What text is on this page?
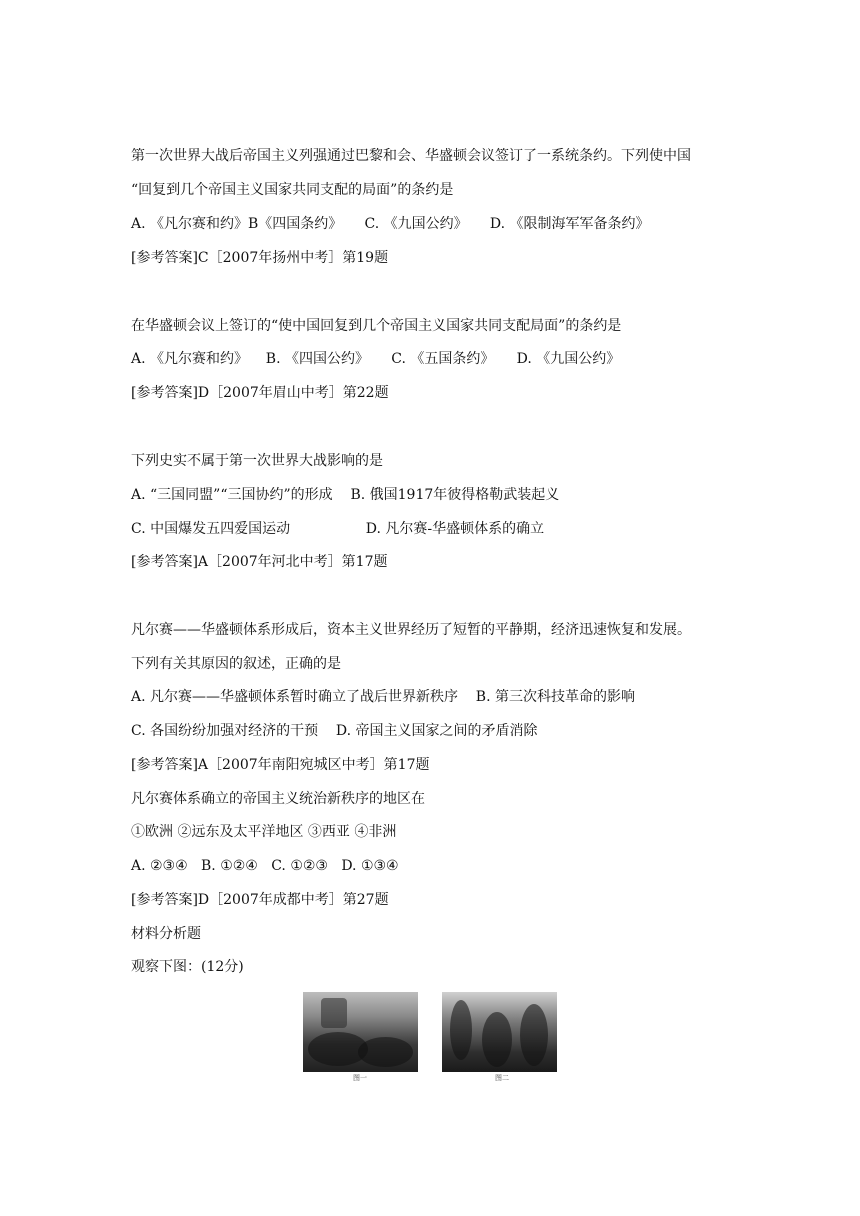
第一次世界大战后帝国主义列强通过巴黎和会、华盛顿会议签订了一系统条约。下列使中国
“回复到几个帝国主义国家共同支配的局面”的条约是
A. 《凡尔赛和约》B《四国条约》     C. 《九国公约》     D. 《限制海军军备条约》
[参考答案]C［2007年扬州中考］第19题
在华盛顿会议上签订的“使中国回复到几个帝国主义国家共同支配局面”的条约是
A. 《凡尔赛和约》    B. 《四国公约》     C. 《五国条约》     D. 《九国公约》
[参考答案]D［2007年眉山中考］第22题
下列史实不属于第一次世界大战影响的是
A. “三国同盟”“三国协约”的形成    B. 俄国1917年彼得格勒武装起义
C. 中国爆发五四爱国运动                 D. 凡尔赛-华盛顿体系的确立
[参考答案]A［2007年河北中考］第17题
凡尔赛——华盛顿体系形成后，资本主义世界经历了短暂的平静期，经济迅速恢复和发展。
下列有关其原因的叙述，正确的是
A. 凡尔赛——华盛顿体系暂时确立了战后世界新秩序    B. 第三次科技革命的影响
C. 各国纷纷加强对经济的干预    D. 帝国主义国家之间的矛盾消除
[参考答案]A［2007年南阳宛城区中考］第17题
凡尔赛体系确立的帝国主义统治新秩序的地区在
①欧洲 ②远东及太平洋地区 ③西亚 ④非洲
A. ②③④   B. ①②④   C. ①②③   D. ①③④
[参考答案]D［2007年成都中考］第27题
材料分析题
观察下图：(12分)
图一	图二
